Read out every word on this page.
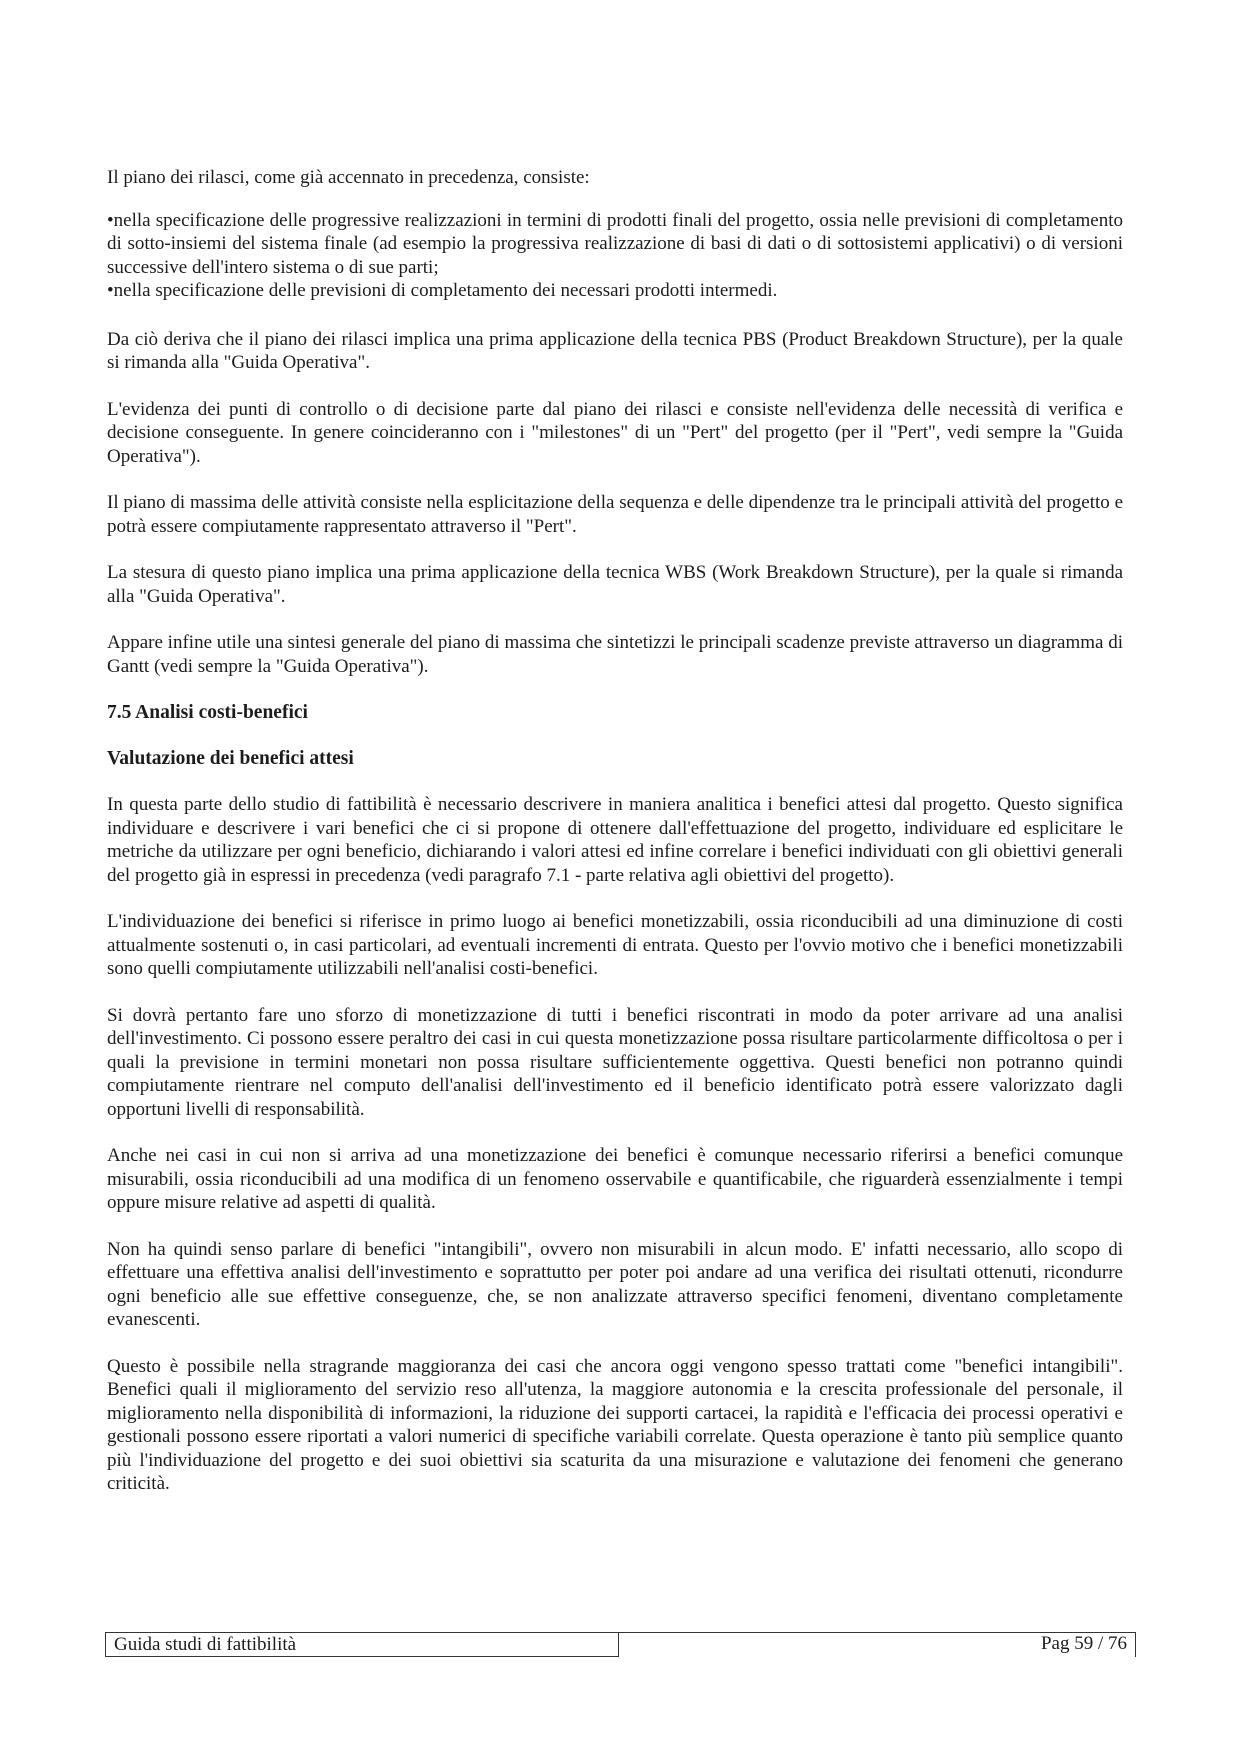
Il piano dei rilasci, come già accennato in precedenza, consiste:

•nella specificazione delle progressive realizzazioni in termini di prodotti finali del progetto, ossia nelle previsioni di completamento di sotto-insiemi del sistema finale (ad esempio la progressiva realizzazione di basi di dati o di sottosistemi applicativi) o di versioni successive dell'intero sistema o di sue parti;

•nella specificazione delle previsioni di completamento dei necessari prodotti intermedi.

Da ciò deriva che il piano dei rilasci implica una prima applicazione della tecnica PBS (Product Breakdown Structure), per la quale si rimanda alla "Guida Operativa".

L'evidenza dei punti di controllo o di decisione parte dal piano dei rilasci e consiste nell'evidenza delle necessità di verifica e decisione conseguente. In genere coincideranno con i "milestones" di un "Pert" del progetto (per il "Pert", vedi sempre la "Guida Operativa").

Il piano di massima delle attività consiste nella esplicitazione della sequenza e delle dipendenze tra le principali attività del progetto e potrà essere compiutamente rappresentato attraverso il "Pert".

La stesura di questo piano implica una prima applicazione della tecnica WBS (Work Breakdown Structure), per la quale si rimanda alla "Guida Operativa".

Appare infine utile una sintesi generale del piano di massima che sintetizzi le principali scadenze previste attraverso un diagramma di Gantt (vedi sempre la "Guida Operativa").

7.5 Analisi costi-benefici
Valutazione dei benefici attesi

In questa parte dello studio di fattibilità è necessario descrivere in maniera analitica i benefici attesi dal progetto. Questo significa individuare e descrivere i vari benefici che ci si propone di ottenere dall'effettuazione del progetto, individuare ed esplicitare le metriche da utilizzare per ogni beneficio, dichiarando i valori attesi ed infine correlare i benefici individuati con gli obiettivi generali del progetto già in espressi in precedenza (vedi paragrafo 7.1 - parte relativa agli obiettivi del progetto).

L'individuazione dei benefici si riferisce in primo luogo ai benefici monetizzabili, ossia riconducibili ad una diminuzione di costi attualmente sostenuti o, in casi particolari, ad eventuali incrementi di entrata. Questo per l'ovvio motivo che i benefici monetizzabili sono quelli compiutamente utilizzabili nell'analisi costi-benefici.

Si dovrà pertanto fare uno sforzo di monetizzazione di tutti i benefici riscontrati in modo da poter arrivare ad una analisi dell'investimento. Ci possono essere peraltro dei casi in cui questa monetizzazione possa risultare particolarmente difficoltosa o per i quali la previsione in termini monetari non possa risultare sufficientemente oggettiva. Questi benefici non potranno quindi compiutamente rientrare nel computo dell'analisi dell'investimento ed il beneficio identificato potrà essere valorizzato dagli opportuni livelli di responsabilità.

Anche nei casi in cui non si arriva ad una monetizzazione dei benefici è comunque necessario riferirsi a benefici comunque misurabili, ossia riconducibili ad una modifica di un fenomeno osservabile e quantificabile, che riguarderà essenzialmente i tempi oppure misure relative ad aspetti di qualità.

Non ha quindi senso parlare di benefici "intangibili", ovvero non misurabili in alcun modo. E' infatti necessario, allo scopo di effettuare una effettiva analisi dell'investimento e soprattutto per poter poi andare ad una verifica dei risultati ottenuti, ricondurre ogni beneficio alle sue effettive conseguenze, che, se non analizzate attraverso specifici fenomeni, diventano completamente evanescenti.

Questo è possibile nella stragrande maggioranza dei casi che ancora oggi vengono spesso trattati come "benefici intangibili". Benefici quali il miglioramento del servizio reso all'utenza, la maggiore autonomia e la crescita professionale del personale, il miglioramento nella disponibilità di informazioni, la riduzione dei supporti cartacei, la rapidità e l'efficacia dei processi operativi e gestionali possono essere riportati a valori numerici di specifiche variabili correlate. Questa operazione è tanto più semplice quanto più l'individuazione del progetto e dei suoi obiettivi sia scaturita da una misurazione e valutazione dei fenomeni che generano criticità.

Guida studi di fattibilità	Pag 59 / 76
